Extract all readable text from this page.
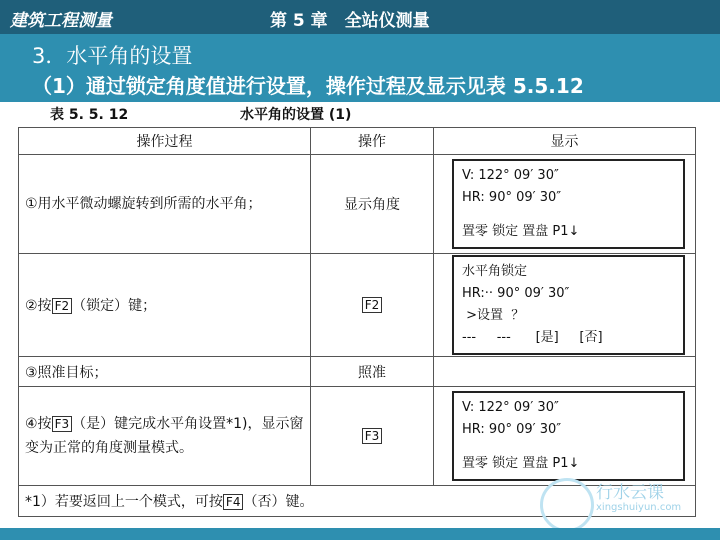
建筑工程测量	第 5 章　全站仪测量
3．水平角的设置
（1）通过锁定角度值进行设置，操作过程及显示见表 5.5.12
表 5. 5. 12	水平角的设置 (1)
操作过程	操作	显示
①用水平微动螺旋转到所需的水平角；	显示角度	V: 122° 09′ 30″
HR: 90° 09′ 30″
置零 锁定 置盘 P1↓

②按 F2 （锁定）键；	F2	水平角锁定
HR:·· 90° 09′ 30″
>设置  ？
---     ---      [是]     [否]

③照准目标；	照准	
④按 F3 （是）键完成水平角设置*1)，显示窗变为正常的角度测量模式。	F3	V: 122° 09′ 30″
HR: 90° 09′ 30″
置零 锁定 置盘 P1↓

*1）若要返回上一个模式，可按 F4 （否）键。			行水云课
xingshuiyun.com
